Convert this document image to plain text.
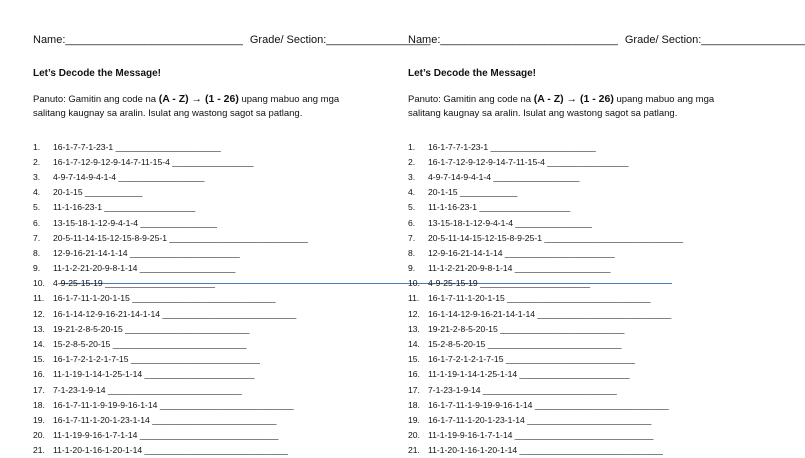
Name:_____________________________ Grade/ Section:_________________
Let’s Decode the Message!
Panuto: Gamitin ang code na (A - Z) → (1 - 26) upang mabuo ang mga salitang kaugnay sa aralin. Isulat ang wastong sagot sa patlang.
1.	16-1-7-7-1-23-1 ______________________
2.	16-1-7-12-9-12-9-14-7-11-15-4 _________________
3.	4-9-7-14-9-4-1-4 __________________
4.	20-1-15 ____________
5.	11-1-16-23-1 ___________________
6.	13-15-18-1-12-9-4-1-4 ________________
7.	20-5-11-14-15-12-15-8-9-25-1 _____________________________
8.	12-9-16-21-14-1-14 _______________________
9.	11-1-2-21-20-9-8-1-14 ____________________
10. 4-9-25-15-19 _______________________
11.	16-1-7-11-1-20-1-15 ______________________________
12. 16-1-14-12-9-16-21-14-1-14 ____________________________
13. 19-21-2-8-5-20-15 __________________________
14. 15-2-8-5-20-15 ____________________________
15. 16-1-7-2-1-2-1-7-15 ___________________________
16. 11-1-19-1-14-1-25-1-14 _______________________
17. 7-1-23-1-9-14 ____________________________
18. 16-1-7-11-1-9-19-9-16-1-14 ____________________________
19. 16-1-7-11-1-20-1-23-1-14 __________________________
20. 11-1-19-9-16-1-7-1-14 _____________________________
21. 11-1-20-1-16-1-20-1-14 ______________________________
Name:_____________________________ Grade/ Section:_________________
Let’s Decode the Message!
Panuto: Gamitin ang code na (A - Z) → (1 - 26) upang mabuo ang mga salitang kaugnay sa aralin. Isulat ang wastong sagot sa patlang.
1.	16-1-7-7-1-23-1 ______________________
2.	16-1-7-12-9-12-9-14-7-11-15-4 _________________
3.	4-9-7-14-9-4-1-4 __________________
4.	20-1-15 ____________
5.	11-1-16-23-1 ___________________
6.	13-15-18-1-12-9-4-1-4 ________________
7.	20-5-11-14-15-12-15-8-9-25-1 _____________________________
8.	12-9-16-21-14-1-14 _______________________
9.	11-1-2-21-20-9-8-1-14 ____________________
10. 4-9-25-15-19 _______________________
11.	16-1-7-11-1-20-1-15 ______________________________
12. 16-1-14-12-9-16-21-14-1-14 ____________________________
13. 19-21-2-8-5-20-15 __________________________
14. 15-2-8-5-20-15 ____________________________
15. 16-1-7-2-1-2-1-7-15 ___________________________
16. 11-1-19-1-14-1-25-1-14 _______________________
17. 7-1-23-1-9-14 ____________________________
18. 16-1-7-11-1-9-19-9-16-1-14 ____________________________
19. 16-1-7-11-1-20-1-23-1-14 __________________________
20. 11-1-19-9-16-1-7-1-14 _____________________________
21. 11-1-20-1-16-1-20-1-14 ______________________________
